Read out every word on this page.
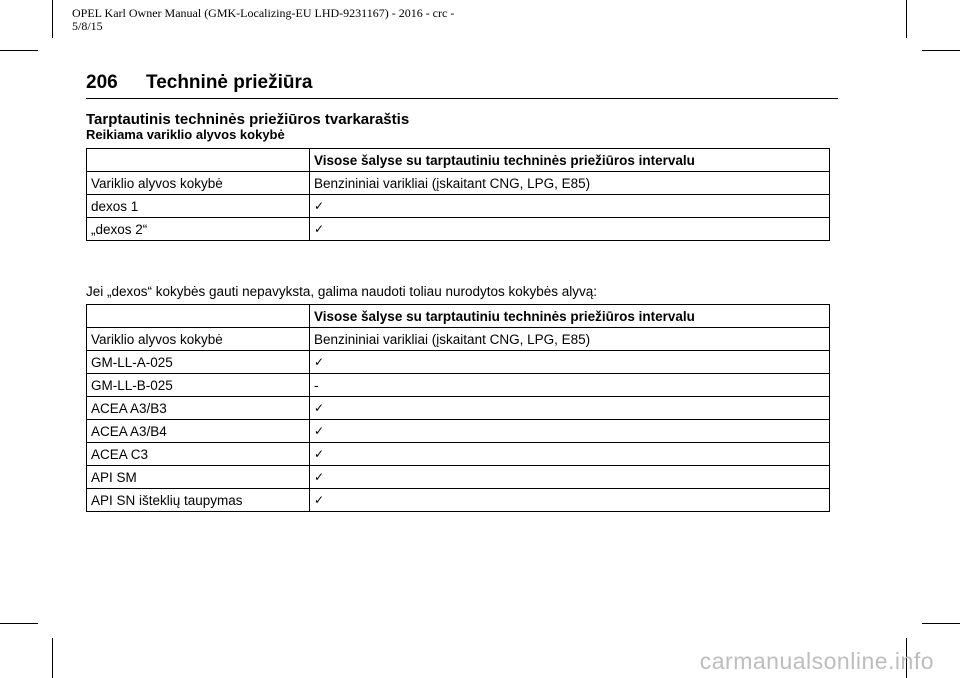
OPEL Karl Owner Manual (GMK-Localizing-EU LHD-9231167) - 2016 - crc -
5/8/15
206 Techninė priežiūra
Tarptautinis techninės priežiūros tvarkaraštis
Reikiama variklio alyvos kokybė
	Visose šalyse su tarptautiniu techninės priežiūros intervalu
Variklio alyvos kokybė	Benzininiai varikliai (įskaitant CNG, LPG, E85)
dexos 1	✓
„dexos 2“	✓
Jei „dexos“ kokybės gauti nepavyksta, galima naudoti toliau nurodytos kokybės alyvą:
	Visose šalyse su tarptautiniu techninės priežiūros intervalu
Variklio alyvos kokybė	Benzininiai varikliai (įskaitant CNG, LPG, E85)
GM-LL-A-025	✓
GM-LL-B-025	-
ACEA A3/B3	✓
ACEA A3/B4	✓
ACEA C3	✓
API SM	✓
API SN išteklių taupymas	✓
carmanualsonline.info
